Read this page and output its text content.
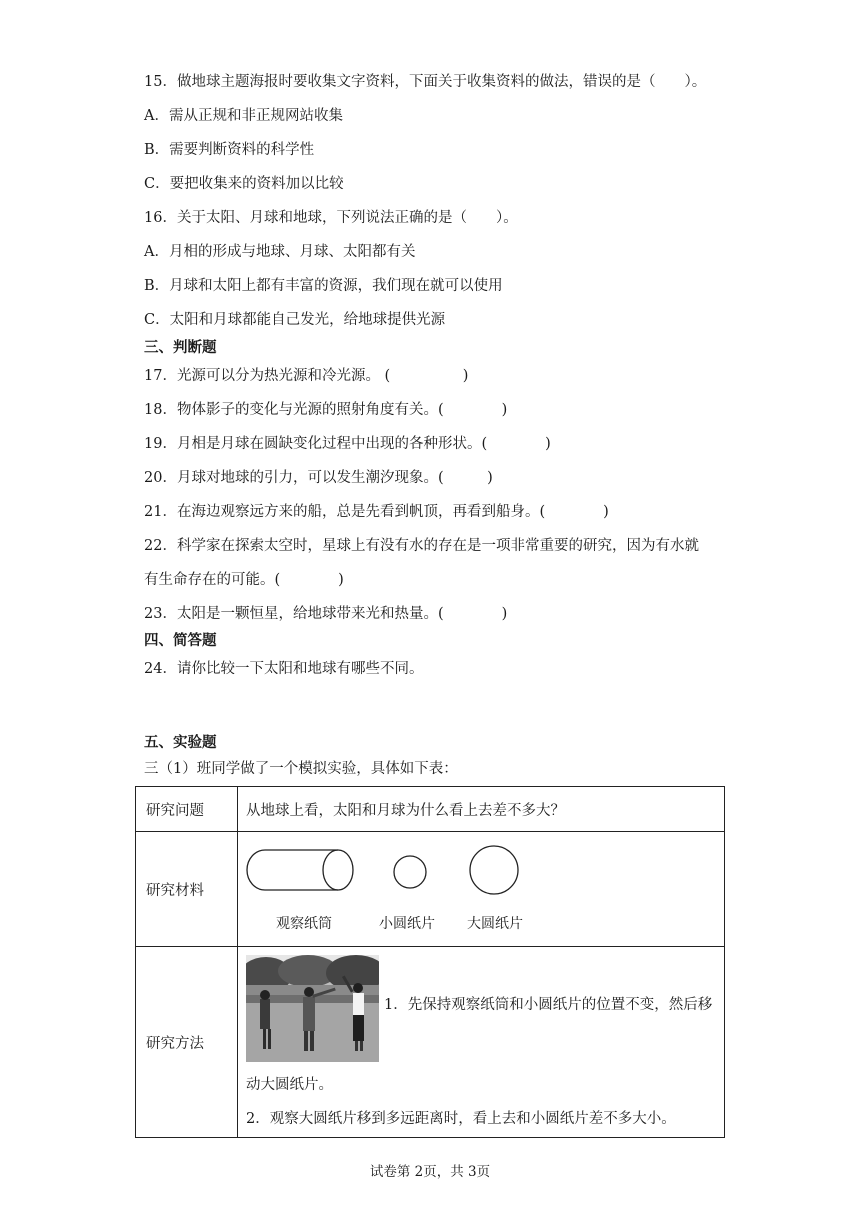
15．做地球主题海报时要收集文字资料，下面关于收集资料的做法，错误的是（　　）。
A．需从正规和非正规网站收集
B．需要判断资料的科学性
C．要把收集来的资料加以比较
16．关于太阳、月球和地球，下列说法正确的是（　　）。
A．月相的形成与地球、月球、太阳都有关
B．月球和太阳上都有丰富的资源，我们现在就可以使用
C．太阳和月球都能自己发光，给地球提供光源
三、判断题
17．光源可以分为热光源和冷光源。 (　　　　　)
18．物体影子的变化与光源的照射角度有关。(　　　　)
19．月相是月球在圆缺变化过程中出现的各种形状。(　　　　)
20．月球对地球的引力，可以发生潮汐现象。(　　　)
21．在海边观察远方来的船，总是先看到帆顶，再看到船身。(　　　　)
22．科学家在探索太空时，星球上有没有水的存在是一项非常重要的研究，因为有水就
有生命存在的可能。(　　　　)
23．太阳是一颗恒星，给地球带来光和热量。(　　　　)
四、简答题
24．请你比较一下太阳和地球有哪些不同。
五、实验题
三（1）班同学做了一个模拟实验，具体如下表：
研究问题	从地球上看，太阳和月球为什么看上去差不多大？

研究材料	观察纸筒 小圆纸片 大圆纸片

研究方法	1．先保持观察纸筒和小圆纸片的位置不变，然后移
动大圆纸片。
2．观察大圆纸片移到多远距离时，看上去和小圆纸片差不多大小。
试卷第 2页，共 3页
